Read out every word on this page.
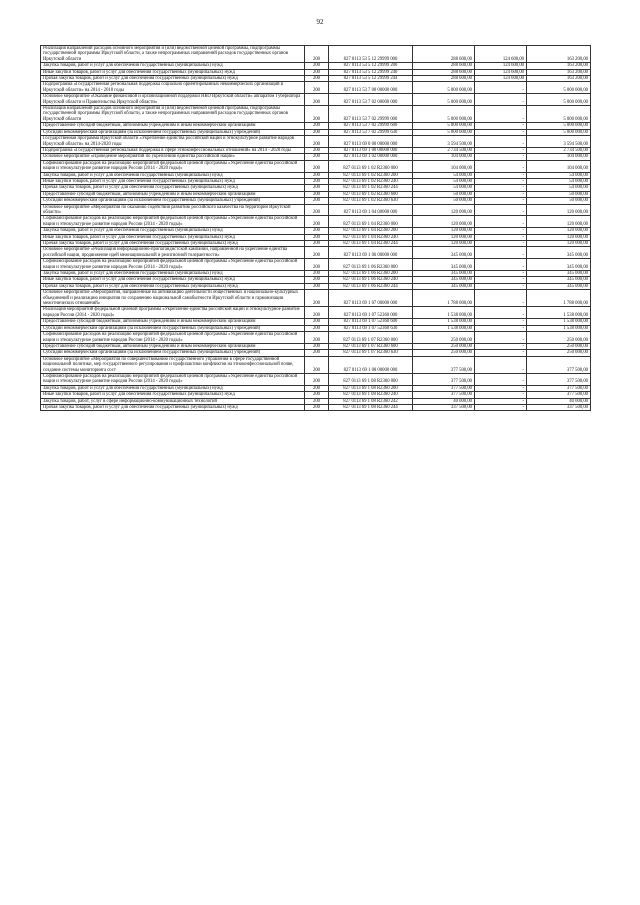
92
Реализация направлений расходов основного мероприятия и (или) ведомственной целевой программы, подпрограммы государственной программы Иркутской области, а также непрограммных направлений расходов государственных органов Иркутской области	200	827 0113 53 5 12 29999 000	288 600,00	124 600,00	163 200,00
Закупка товаров, работ и услуг для обеспечения государственных (муниципальных) нужд	200	827 0113 53 5 12 29999 200	288 600,00	124 600,00	163 200,00
Иные закупки товаров, работ и услуг для обеспечения государственных (муниципальных) нужд	200	827 0113 53 5 12 29999 240	288 600,00	124 600,00	163 200,00
Прочая закупка товаров, работ и услуг для обеспечения государственных (муниципальных) нужд	200	827 0113 53 5 12 29999 244	288 600,00	124 600,00	163 200,00
Подпрограмма «Государственная региональная поддержка социально ориентированных некоммерческих организаций в Иркутской области» на 2014 - 2018 годы	200	827 0113 53 7 00 00000 000	5 000 000,00	-	5 000 000,00
Основное мероприятие «Оказание финансовой и организационной поддержки НКО Иркутской области» аппаратом Губернатора Иркутской области и Правительства Иркутской области»	200	827 0113 53 7 02 00000 000	5 000 000,00	-	5 000 000,00
Реализация направлений расходов основного мероприятия и (или) ведомственной целевой программы, подпрограммы государственной программы Иркутской области, а также непрограммных направлений расходов государственных органов Иркутской области	200	827 0113 53 7 02 29999 000	5 000 000,00	-	5 000 000,00
Предоставление субсидий бюджетным, автономным учреждениям и иным некоммерческим организациям	200	827 0113 53 7 02 29999 600	5 000 000,00	-	5 000 000,00
Субсидии некоммерческим организациям (за исключением государственных (муниципальных) учреждений)	200	827 0113 53 7 02 29999 630	5 000 000,00	-	5 000 000,00
Государственная программа Иркутской области «Укрепление единства российской нации и этнокультурное развитие народов Иркутской области» на 2014-2020 годы	200	827 0113 69 0 00 00000 000	3 594 500,00	-	3 594 500,00
Подпрограмма «Государственная региональная поддержка в сфере этноконфессиональных отношений» на 2014 - 2020 годы	200	827 0113 69 1 00 00000 000	2 734 500,00	-	2 734 500,00
Основное мероприятие «Проведение мероприятий по укреплению единства российской нации»	200	827 0113 69 1 02 00000 000	104 000,00	-	104 000,00
Софинансирование расходов на реализацию мероприятий федеральной целевой программы «Укрепление единства российской нации и этнокультурное развитие народов России (2014 - 2020 годы)»	200	827 0113 69 1 02 R2360 000	104 000,00	-	104 000,00
Закупка товаров, работ и услуг для обеспечения государственных (муниципальных) нужд	200	827 0113 69 1 02 R2360 200	54 000,00	-	54 000,00
Иные закупки товаров, работ и услуг для обеспечения государственных (муниципальных) нужд	200	827 0113 69 1 02 R2360 240	54 000,00	-	54 000,00
Прочая закупка товаров, работ и услуг для обеспечения государственных (муниципальных) нужд	200	827 0113 69 1 02 R2360 244	54 000,00	-	54 000,00
Предоставление субсидий бюджетным, автономным учреждениям и иным некоммерческим организациям	200	827 0113 69 1 02 R2360 600	50 000,00	-	50 000,00
Субсидии некоммерческим организациям (за исключением государственных (муниципальных) учреждений)	200	827 0113 69 1 02 R2360 630	50 000,00	-	50 000,00
Основное мероприятие «Мероприятия по оказанию содействия развитию российского казачества на территории Иркутской области»	200	827 0113 69 1 04 00000 000	120 000,00	-	120 000,00
Софинансирование расходов на реализацию мероприятий федеральной целевой программы «Укрепление единства российской нации и этнокультурное развитие народов России (2014 - 2020 годы)»	200	827 0113 69 1 04 R2360 000	120 000,00	-	120 000,00
Закупка товаров, работ и услуг для обеспечения государственных (муниципальных) нужд	200	827 0113 69 1 04 R2360 200	120 000,00	-	120 000,00
Иные закупки товаров, работ и услуг для обеспечения государственных (муниципальных) нужд	200	827 0113 69 1 04 R2360 240	120 000,00	-	120 000,00
Прочая закупка товаров, работ и услуг для обеспечения государственных (муниципальных) нужд	200	827 0113 69 1 04 R2360 244	120 000,00	-	120 000,00
Основное мероприятие «Реализация информационно-пропагандистской кампании, направленной на укрепление единства российской нации, продвижение идей межнациональной и религиозной толерантности»	200	827 0113 69 1 06 00000 000	345 000,00	-	345 000,00
Софинансирование расходов на реализацию мероприятий федеральной целевой программы «Укрепление единства российской нации и этнокультурное развитие народов России (2014 - 2020 годы)»	200	827 0113 69 1 06 R2360 000	345 000,00	-	345 000,00
Закупка товаров, работ и услуг для обеспечения государственных (муниципальных) нужд	200	827 0113 69 1 06 R2360 200	345 000,00	-	345 000,00
Иные закупки товаров, работ и услуг для обеспечения государственных (муниципальных) нужд	200	827 0113 69 1 06 R2360 240	345 000,00	-	345 000,00
Прочая закупка товаров, работ и услуг для обеспечения государственных (муниципальных) нужд	200	827 0113 69 1 06 R2360 244	345 000,00	-	345 000,00
Основное мероприятие «Мероприятия, направленные на активизацию деятельности общественных и национально-культурных объединений и реализацию инициатив по сохранению национальной самобытности Иркутской области и гармонизации межэтнических отношений»	200	827 0113 69 1 07 00000 000	1 788 000,00	-	1 788 000,00
Реализация мероприятий федеральной целевой программы «Укрепление единства российской нации и этнокультурное развитие народов России (2014 - 2020 годы)»	200	827 0113 69 1 07 52360 000	1 538 000,00	-	1 538 000,00
Предоставление субсидий бюджетным, автономным учреждениям и иным некоммерческим организациям	200	827 0113 69 1 07 52360 600	1 538 000,00	-	1 538 000,00
Субсидии некоммерческим организациям (за исключением государственных (муниципальных) учреждений)	200	827 0113 69 1 07 52360 630	1 538 000,00	-	1 538 000,00
Софинансирование расходов на реализацию мероприятий федеральной целевой программы «Укрепление единства российской нации и этнокультурное развитие народов России (2014 - 2020 годы)»	200	827 0113 69 1 07 R2360 000	250 000,00	-	250 000,00
Предоставление субсидий бюджетным, автономным учреждениям и иным некоммерческим организациям	200	827 0113 69 1 07 R2360 600	250 000,00	-	250 000,00
Субсидии некоммерческим организациям (за исключением государственных (муниципальных) учреждений)	200	827 0113 69 1 07 R2360 630	250 000,00	-	250 000,00
Основное мероприятие «Мероприятия по совершенствованию государственного управления в сфере государственной национальной политики, мер государственного регулирования и профилактики конфликтов на этноконфессиональной почве, создание системы мониторинга сост	200	827 0113 69 1 08 00000 000	377 500,00	-	377 500,00
Софинансирование расходов на реализацию мероприятий федеральной целевой программы «Укрепление единства российской нации и этнокультурное развитие народов России (2014 - 2020 годы)»	200	827 0113 69 1 08 R2360 000	377 500,00	-	377 500,00
Закупка товаров, работ и услуг для обеспечения государственных (муниципальных) нужд	200	827 0113 69 1 08 R2360 200	377 500,00	-	377 500,00
Иные закупки товаров, работ и услуг для обеспечения государственных (муниципальных) нужд	200	827 0113 69 1 08 R2360 240	377 500,00	-	377 500,00
Закупка товаров, работ, услуг в сфере информационно-коммуникационных технологий	200	827 0113 69 1 08 R2360 242	40 000,00	-	40 000,00
Прочая закупка товаров, работ и услуг для обеспечения государственных (муниципальных) нужд	200	827 0113 69 1 08 R2360 244	337 500,00	-	337 500,00
